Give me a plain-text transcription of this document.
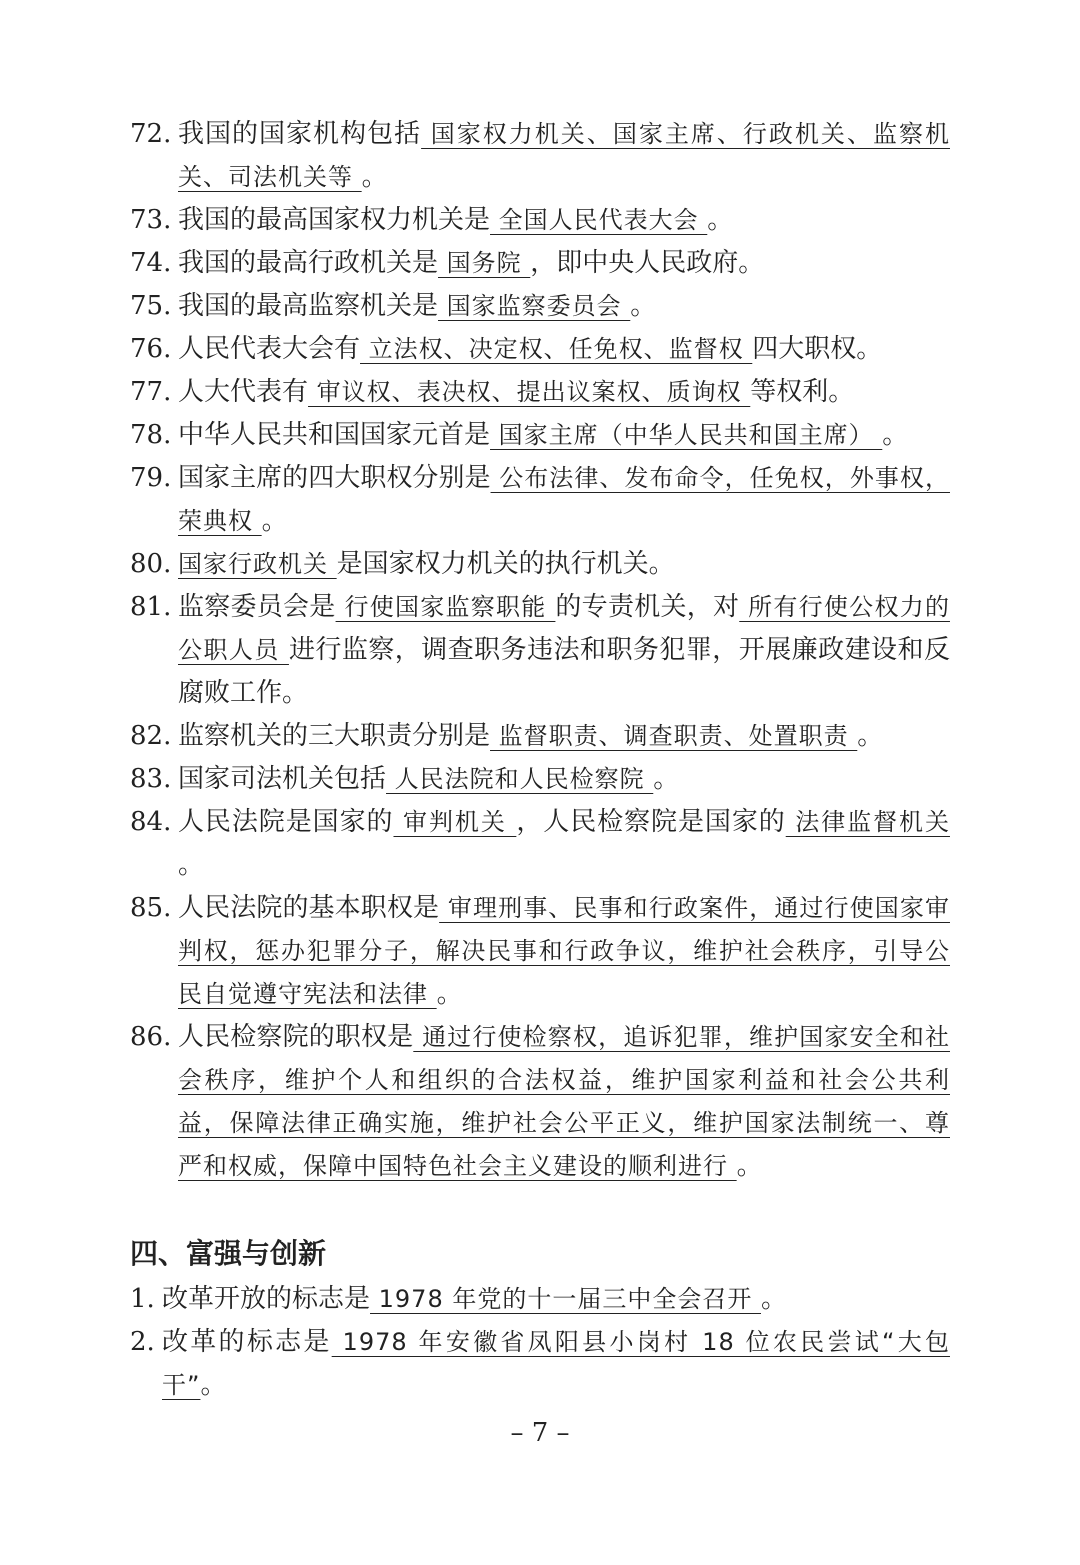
72. 我国的国家机构包括 国家权力机关、国家主席、行政机关、监察机关、司法机关等 。
73. 我国的最高国家权力机关是 全国人民代表大会 。
74. 我国的最高行政机关是 国务院 ，即中央人民政府。
75. 我国的最高监察机关是 国家监察委员会 。
76. 人民代表大会有 立法权、决定权、任免权、监督权 四大职权。
77. 人大代表有 审议权、表决权、提出议案权、质询权 等权利。
78. 中华人民共和国国家元首是 国家主席（中华人民共和国主席） 。
79. 国家主席的四大职权分别是 公布法律、发布命令，任免权，外事权，荣典权 。
80. 国家行政机关 是国家权力机关的执行机关。
81. 监察委员会是 行使国家监察职能 的专责机关，对 所有行使公权力的公职人员 进行监察，调查职务违法和职务犯罪，开展廉政建设和反腐败工作。
82. 监察机关的三大职责分别是 监督职责、调查职责、处置职责 。
83. 国家司法机关包括 人民法院和人民检察院 。
84. 人民法院是国家的 审判机关 ，人民检察院是国家的 法律监督机关 。
85. 人民法院的基本职权是 审理刑事、民事和行政案件，通过行使国家审判权，惩办犯罪分子，解决民事和行政争议，维护社会秩序，引导公民自觉遵守宪法和法律 。
86. 人民检察院的职权是 通过行使检察权，追诉犯罪，维护国家安全和社会秩序，维护个人和组织的合法权益，维护国家利益和社会公共利益，保障法律正确实施，维护社会公平正义，维护国家法制统一、尊严和权威，保障中国特色社会主义建设的顺利进行 。
四、富强与创新
1. 改革开放的标志是 1978 年党的十一届三中全会召开 。
2. 改革的标志是 1978 年安徽省凤阳县小岗村 18 位农民尝试“大包干”。
– 7 –
